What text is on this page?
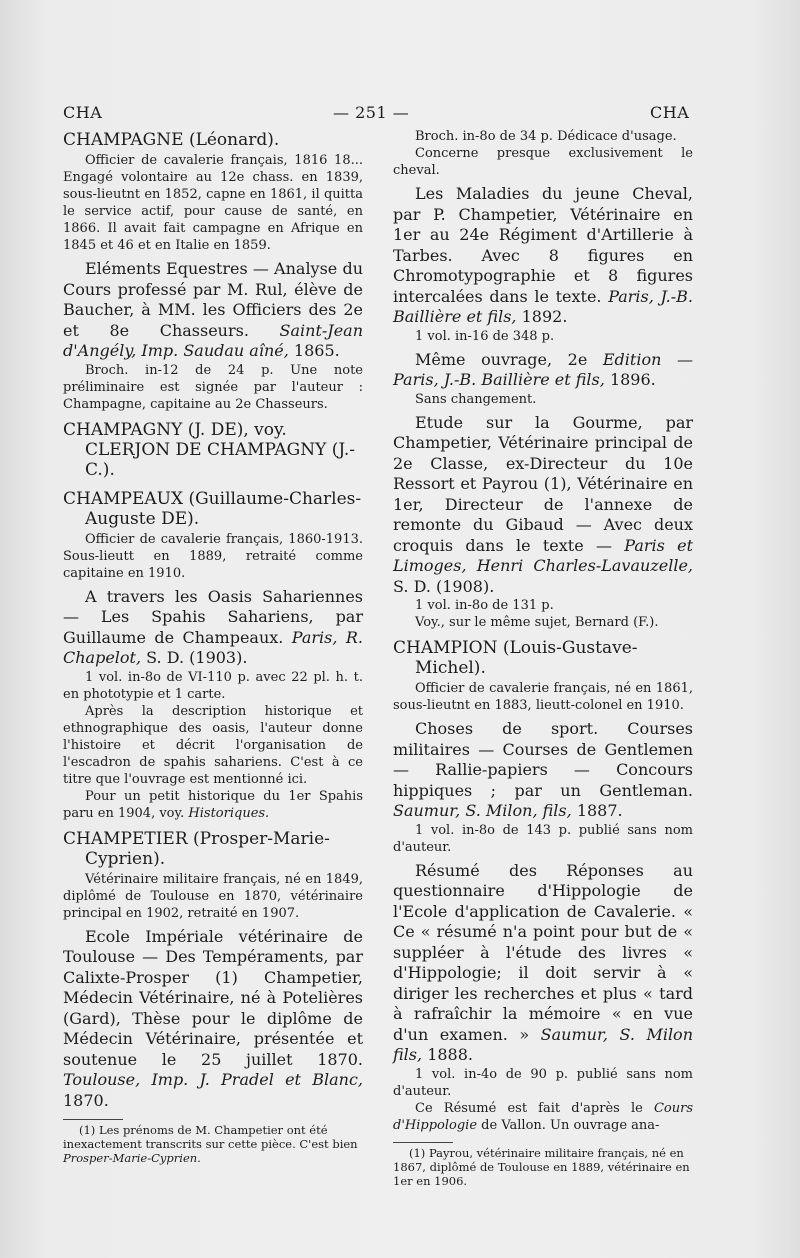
CHA	— 251 —	CHA

CHAMPAGNE (Léonard).

Officier de cavalerie français, 1816 18... Engagé volontaire au 12e chass. en 1839, sous-lieutnt en 1852, capne en 1861, il quitta le service actif, pour cause de santé, en 1866. Il avait fait campagne en Afrique en 1845 et 46 et en Italie en 1859.

Eléments Equestres — Analyse du Cours professé par M. Rul, élève de Baucher, à MM. les Officiers des 2e et 8e Chasseurs. Saint-Jean d'Angély, Imp. Saudau aîné, 1865.

Broch. in-12 de 24 p. Une note préliminaire est signée par l'auteur : Champagne, capitaine au 2e Chasseurs.

CHAMPAGNY (J. DE), voy. CLERJON DE CHAMPAGNY (J.-C.).

CHAMPEAUX (Guillaume-Charles-Auguste DE).

Officier de cavalerie français, 1860-1913. Sous-lieutt en 1889, retraité comme capitaine en 1910.

A travers les Oasis Sahariennes — Les Spahis Sahariens, par Guillaume de Champeaux. Paris, R. Chapelot, S. D. (1903).

1 vol. in-8o de VI-110 p. avec 22 pl. h. t. en phototypie et 1 carte.

Après la description historique et ethnographique des oasis, l'auteur donne l'histoire et décrit l'organisation de l'escadron de spahis sahariens. C'est à ce titre que l'ouvrage est mentionné ici.

Pour un petit historique du 1er Spahis paru en 1904, voy. Historiques.

CHAMPETIER (Prosper-Marie-Cyprien).

Vétérinaire militaire français, né en 1849, diplômé de Toulouse en 1870, vétérinaire principal en 1902, retraité en 1907.

Ecole Impériale vétérinaire de Toulouse — Des Tempéraments, par Calixte-Prosper (1) Champetier, Médecin Vétérinaire, né à Potelières (Gard), Thèse pour le diplôme de Médecin Vétérinaire, présentée et soutenue le 25 juillet 1870. Toulouse, Imp. J. Pradel et Blanc, 1870.

(1) Les prénoms de M. Champetier ont été inexactement transcrits sur cette pièce. C'est bien Prosper-Marie-Cyprien.

Broch. in-8o de 34 p. Dédicace d'usage.

Concerne presque exclusivement le cheval.

Les Maladies du jeune Cheval, par P. Champetier, Vétérinaire en 1er au 24e Régiment d'Artillerie à Tarbes. Avec 8 figures en Chromotypographie et 8 figures intercalées dans le texte. Paris, J.-B. Baillière et fils, 1892.

1 vol. in-16 de 348 p.

Même ouvrage, 2e Edition — Paris, J.-B. Baillière et fils, 1896.

Sans changement.

Etude sur la Gourme, par Champetier, Vétérinaire principal de 2e Classe, ex-Directeur du 10e Ressort et Payrou (1), Vétérinaire en 1er, Directeur de l'annexe de remonte du Gibaud — Avec deux croquis dans le texte — Paris et Limoges, Henri Charles-Lavauzelle, S. D. (1908).

1 vol. in-8o de 131 p.

Voy., sur le même sujet, Bernard (F.).

CHAMPION (Louis-Gustave-Michel).

Officier de cavalerie français, né en 1861, sous-lieutnt en 1883, lieutt-colonel en 1910.

Choses de sport. Courses militaires — Courses de Gentlemen — Rallie-papiers — Concours hippiques ; par un Gentleman. Saumur, S. Milon, fils, 1887.

1 vol. in-8o de 143 p. publié sans nom d'auteur.

Résumé des Réponses au questionnaire d'Hippologie de l'Ecole d'application de Cavalerie. « Ce « résumé n'a point pour but de « suppléer à l'étude des livres « d'Hippologie; il doit servir à « diriger les recherches et plus « tard à rafraîchir la mémoire « en vue d'un examen. » Saumur, S. Milon fils, 1888.

1 vol. in-4o de 90 p. publié sans nom d'auteur.

Ce Résumé est fait d'après le Cours d'Hippologie de Vallon. Un ouvrage ana-

(1) Payrou, vétérinaire militaire français, né en 1867, diplômé de Toulouse en 1889, vétérinaire en 1er en 1906.
